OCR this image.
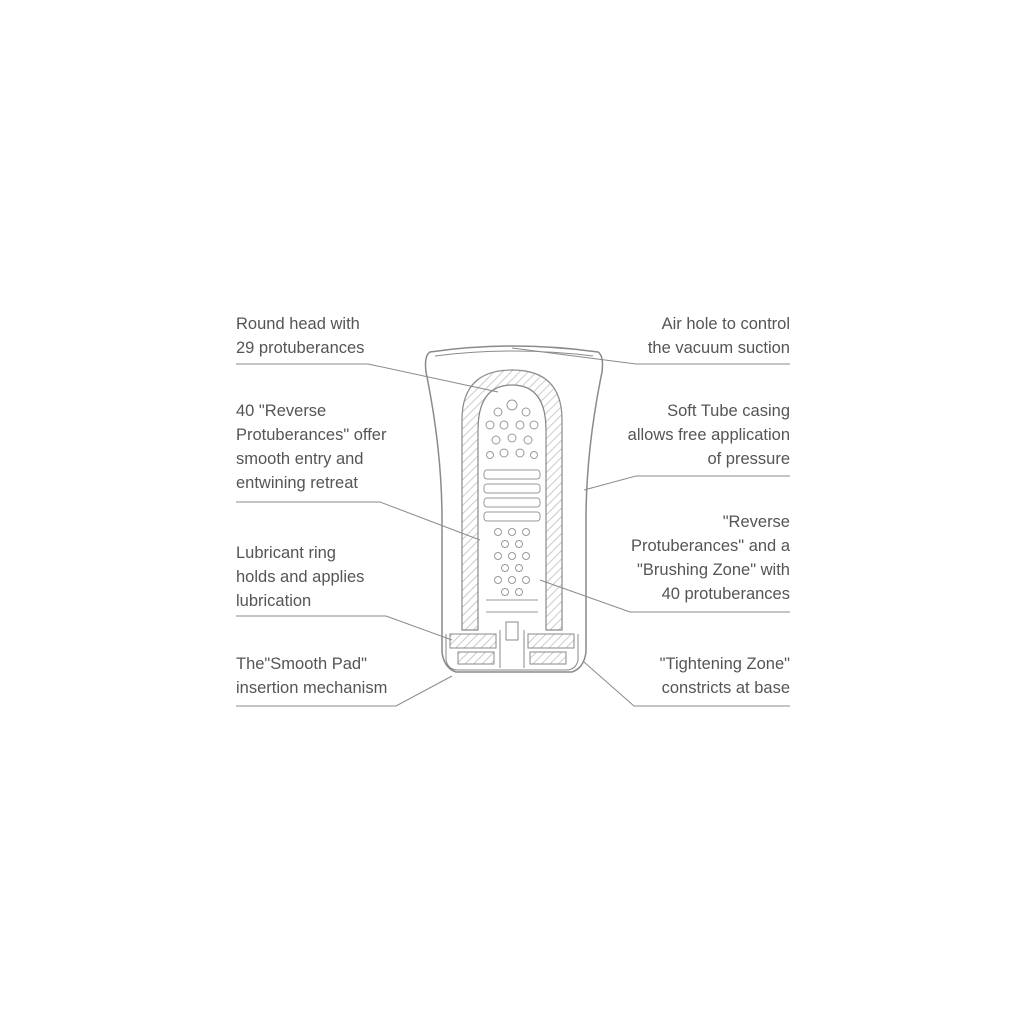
Round head with
29 protuberances
40 "Reverse
Protuberances" offer
smooth entry and
entwining retreat
Lubricant ring
holds and applies
lubrication
The"Smooth Pad"
insertion mechanism
Air hole to control
the vacuum suction
Soft Tube casing
allows free application
of pressure
"Reverse
Protuberances" and a
"Brushing Zone" with
40 protuberances
"Tightening Zone"
constricts at base
